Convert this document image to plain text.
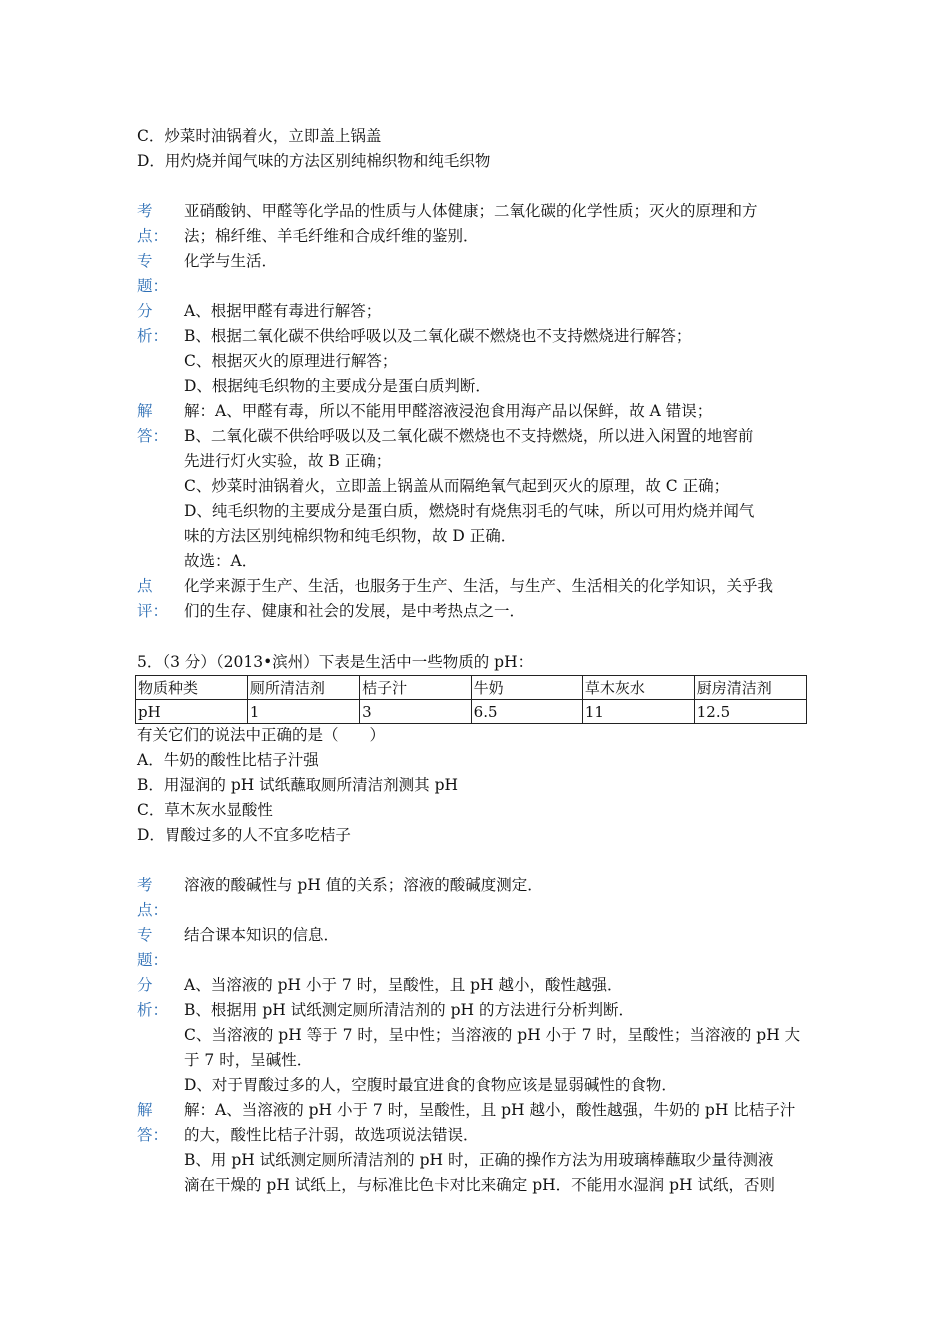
C．炒菜时油锅着火，立即盖上锅盖
D．用灼烧并闻气味的方法区别纯棉织物和纯毛织物
考	亚硝酸钠、甲醛等化学品的性质与人体健康；二氧化碳的化学性质；灭火的原理和方
点：	法；棉纤维、羊毛纤维和合成纤维的鉴别．
专	化学与生活．
题：
分	A、根据甲醛有毒进行解答；
析：	B、根据二氧化碳不供给呼吸以及二氧化碳不燃烧也不支持燃烧进行解答；
C、根据灭火的原理进行解答；
D、根据纯毛织物的主要成分是蛋白质判断．
解	解：A、甲醛有毒，所以不能用甲醛溶液浸泡食用海产品以保鲜，故 A 错误；
答：	B、二氧化碳不供给呼吸以及二氧化碳不燃烧也不支持燃烧，所以进入闲置的地窖前
先进行灯火实验，故 B 正确；
C、炒菜时油锅着火，立即盖上锅盖从而隔绝氧气起到灭火的原理，故 C 正确；
D、纯毛织物的主要成分是蛋白质，燃烧时有烧焦羽毛的气味，所以可用灼烧并闻气
味的方法区别纯棉织物和纯毛织物，故 D 正确．
故选：A．
点	化学来源于生产、生活，也服务于生产、生活，与生产、生活相关的化学知识，关乎我
评：	们的生存、健康和社会的发展，是中考热点之一．
5．（3 分）（2013•滨州）下表是生活中一些物质的 pH：
物质种类	厕所清洁剂	桔子汁	牛奶	草木灰水	厨房清洁剂
pH	1	3	6.5	11	12.5
有关它们的说法中正确的是（　　）
A．牛奶的酸性比桔子汁强
B．用湿润的 pH 试纸蘸取厕所清洁剂测其 pH
C．草木灰水显酸性
D．胃酸过多的人不宜多吃桔子
考	溶液的酸碱性与 pH 值的关系；溶液的酸碱度测定．
点：
专	结合课本知识的信息．
题：
分	A、当溶液的 pH 小于 7 时，呈酸性，且 pH 越小，酸性越强．
析：	B、根据用 pH 试纸测定厕所清洁剂的 pH 的方法进行分析判断．
C、当溶液的 pH 等于 7 时，呈中性；当溶液的 pH 小于 7 时，呈酸性；当溶液的 pH 大
于 7 时，呈碱性．
D、对于胃酸过多的人，空腹时最宜进食的食物应该是显弱碱性的食物．
解	解：A、当溶液的 pH 小于 7 时，呈酸性，且 pH 越小，酸性越强，牛奶的 pH 比桔子汁
答：	的大，酸性比桔子汁弱，故选项说法错误．
B、用 pH 试纸测定厕所清洁剂的 pH 时，正确的操作方法为用玻璃棒蘸取少量待测液
滴在干燥的 pH 试纸上，与标准比色卡对比来确定 pH．不能用水湿润 pH 试纸，否则
